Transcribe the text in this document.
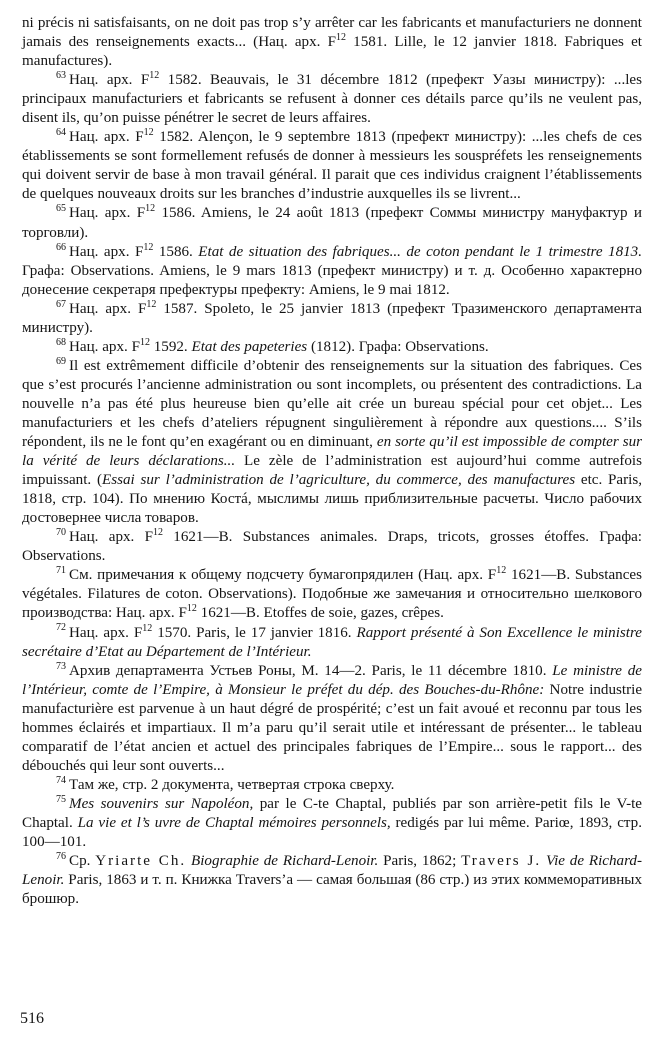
ni précis ni satisfaisants, on ne doit pas trop s’y arrêter car les fabricants et manufacturiers ne donnent jamais des renseignements exacts... (Нац. арх. F$^{12}$ 1581. Lille, le 12 janvier 1818. Fabriques et manufactures).

$^{63}$ Нац. арх. F$^{12}$ 1582. Beauvais, le 31 décembre 1812 (префект Уазы министру): ...les principaux manufacturiers et fabricants se refusent à donner ces détails parce qu’ils ne veulent pas, disent ils, qu’on puisse pénétrer le secret de leurs affaires.

$^{64}$ Нац. арх. F$^{12}$ 1582. Alençon, le 9 septembre 1813 (префект министру): ...les chefs de ces établissements se sont formellement refusés de donner à messieurs les souspréfets les renseignements qui doivent servir de base à mon travail général. Il parait que ces individus craignent l’établissements de quelques nouveaux droits sur les branches d’industrie auxquelles ils se livrent...

$^{65}$ Нац. арх. F$^{12}$ 1586. Amiens, le 24 août 1813 (префект Соммы министру мануфактур и торговли).

$^{66}$ Нац. арх. F$^{12}$ 1586. Etat de situation des fabriques... de coton pendant le 1 trimestre 1813. Графа: Observations. Amiens, le 9 mars 1813 (префект министру) и т. д. Особенно характерно донесение секретаря префектуры префекту: Amiens, le 9 mai 1812.

$^{67}$ Нац. арх. F$^{12}$ 1587. Spoleto, le 25 janvier 1813 (префект Тразименского департамента министру).

$^{68}$ Нац. арх. F$^{12}$ 1592. Etat des papeteries (1812). Графа: Observations.

$^{69}$ Il est extrêmement difficile d’obtenir des renseignements sur la situation des fabriques. Ces que s’est procurés l’ancienne administration ou sont incomplets, ou présentent des contradictions. La nouvelle n’a pas été plus heureuse bien qu’elle ait crée un bureau spécial pour cet objet... Les manufacturiers et les chefs d’ateliers répugnent singulièrement à répondre aux questions.... S’ils répondent, ils ne le font qu’en exagérant ou en diminuant, en sorte qu’il est impossible de compter sur la vérité de leurs déclarations... Le zèle de l’administration est aujourd’hui comme autrefois impuissant. (Essai sur l’administration de l’agriculture, du commerce, des manufactures etc. Paris, 1818, стр. 104). По мнению Костá, мыслимы лишь приблизительные расчеты. Число рабочих достовернее числа товаров.

$^{70}$ Нац. арх. F$^{12}$ 1621—B. Substances animales. Draps, tricots, grosses étoffes. Графа: Observations.

$^{71}$ См. примечания к общему подсчету бумагопрядилен (Нац. арх. F$^{12}$ 1621—B. Substances végétales. Filatures de coton. Observations). Подобные же замечания и относительно шелкового производства: Нац. арх. F$^{12}$ 1621—B. Etoffes de soie, gazes, crêpes.

$^{72}$ Нац. арх. F$^{12}$ 1570. Paris, le 17 janvier 1816. Rapport présenté à Son Excellence le ministre secrétaire d’Etat au Département de l’Intérieur.

$^{73}$ Архив департамента Устьев Роны, M. 14—2. Paris, le 11 décembre 1810. Le ministre de l’Intérieur, comte de l’Empire, à Monsieur le préfet du dép. des Bouches-du-Rhône: Notre industrie manufacturière est parvenue à un haut dégré de prospérité; c’est un fait avoué et reconnu par tous les hommes éclairés et impartiaux. Il m’a paru qu’il serait utile et intéressant de présenter... le tableau comparatif de l’état ancien et actuel des principales fabriques de l’Empire... sous le rapport... des débouchés qui leur sont ouverts...

$^{74}$ Там же, стр. 2 документа, четвертая строка сверху.

$^{75}$ Mes souvenirs sur Napoléon, par le C-te Chaptal, publiés par son arrière-petit fils le V-te Chaptal. La vie et l’s uvre de Chaptal mémoires personnels, redigés par lui même. Pariœ, 1893, стр. 100—101.

$^{76}$ Ср. Yriarte Ch. Biographie de Richard-Lenoir. Paris, 1862; Travers J. Vie de Richard-Lenoir. Paris, 1863 и т. п. Книжка Travers’а — самая большая (86 стр.) из этих коммеморативных брошюр.

516
